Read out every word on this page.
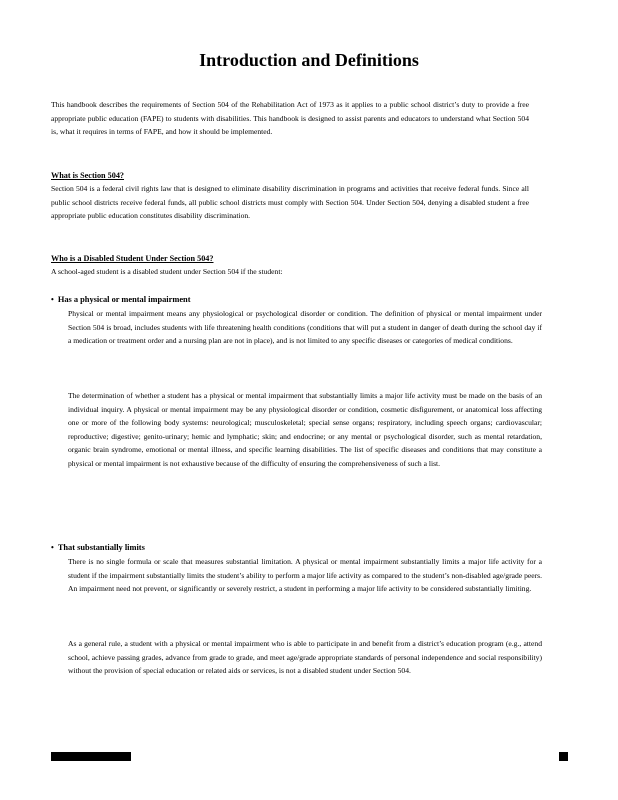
Introduction and Definitions
This handbook describes the requirements of Section 504 of the Rehabilitation Act of 1973 as it applies to a public school district’s duty to provide a free appropriate public education (FAPE) to students with disabilities. This handbook is designed to assist parents and educators to understand what Section 504 is, what it requires in terms of FAPE, and how it should be implemented.
What is Section 504?
Section 504 is a federal civil rights law that is designed to eliminate disability discrimination in programs and activities that receive federal funds. Since all public school districts receive federal funds, all public school districts must comply with Section 504. Under Section 504, denying a disabled student a free appropriate public education constitutes disability discrimination.
Who is a Disabled Student Under Section 504?
A school-aged student is a disabled student under Section 504 if the student:
• Has a physical or mental impairment
Physical or mental impairment means any physiological or psychological disorder or condition. The definition of physical or mental impairment under Section 504 is broad, includes students with life threatening health conditions (conditions that will put a student in danger of death during the school day if a medication or treatment order and a nursing plan are not in place), and is not limited to any specific diseases or categories of medical conditions.
The determination of whether a student has a physical or mental impairment that substantially limits a major life activity must be made on the basis of an individual inquiry. A physical or mental impairment may be any physiological disorder or condition, cosmetic disfigurement, or anatomical loss affecting one or more of the following body systems: neurological; musculoskeletal; special sense organs; respiratory, including speech organs; cardiovascular; reproductive; digestive; genito-urinary; hemic and lymphatic; skin; and endocrine; or any mental or psychological disorder, such as mental retardation, organic brain syndrome, emotional or mental illness, and specific learning disabilities. The list of specific diseases and conditions that may constitute a physical or mental impairment is not exhaustive because of the difficulty of ensuring the comprehensiveness of such a list.
• That substantially limits
There is no single formula or scale that measures substantial limitation. A physical or mental impairment substantially limits a major life activity for a student if the impairment substantially limits the student’s ability to perform a major life activity as compared to the student’s non-disabled age/grade peers. An impairment need not prevent, or significantly or severely restrict, a student in performing a major life activity to be considered substantially limiting.
As a general rule, a student with a physical or mental impairment who is able to participate in and benefit from a district’s education program (e.g., attend school, achieve passing grades, advance from grade to grade, and meet age/grade appropriate standards of personal independence and social responsibility) without the provision of special education or related aids or services, is not a disabled student under Section 504.
